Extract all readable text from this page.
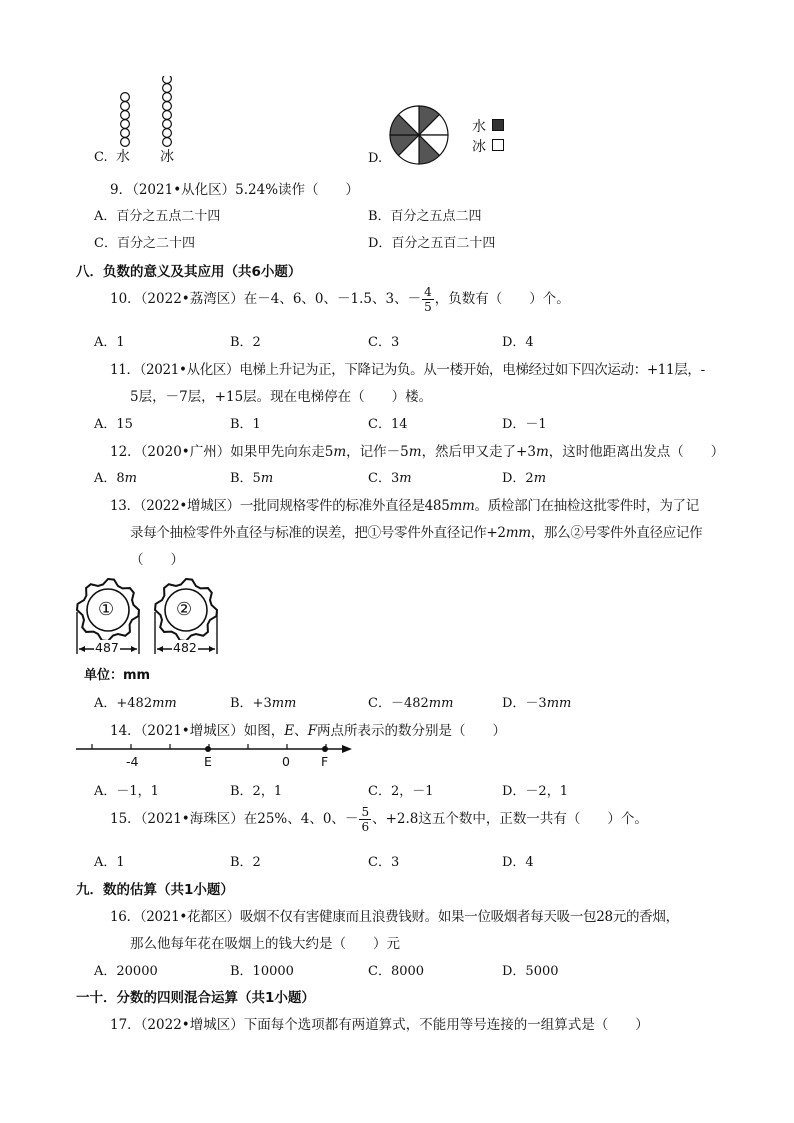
C. 水 冰	D.
水
冰
9．（2021•从化区）5.24%读作（　　）
A．百分之五点二十四	B．百分之五点二四
C．百分之二十四	D．百分之五百二十四
八．负数的意义及其应用（共6小题）
10．（2022•荔湾区）在－4、6、0、－1.5、3、－ $\frac{4}{5}$ ，负数有（　　）个。
A．1	B．2	C．3	D．4
11．（2021•从化区）电梯上升记为正，下降记为负。从一楼开始，电梯经过如下四次运动：+11层，-
5层，－7层，+15层。现在电梯停在（　　）楼。
A．15	B．1	C．14	D．－1
12．（2020•广州）如果甲先向东走5m，记作－5m，然后甲又走了+3m，这时他距离出发点（　　）
A．8m	B．5m	C．3m	D．2m
13．（2022•增城区）一批同规格零件的标准外直径是485mm。质检部门在抽检这批零件时，为了记
录每个抽检零件外直径与标准的误差，把①号零件外直径记作+2mm，那么②号零件外直径应记作
（　　）
①	②
487	482
单位：mm
A．+482mm	B．+3mm	C．－482mm	D．－3mm
14．（2021•增城区）如图，E、F两点所表示的数分别是（　　）
-4	E	0 F
A．－1，1	B．2，1	C．2，－1	D．－2，1
15．（2021•海珠区）在25%、4、0、－ $\frac{5}{6}$ 、+2.8这五个数中，正数一共有（　　）个。
A．1	B．2	C．3	D．4
九．数的估算（共1小题）
16．（2021•花都区）吸烟不仅有害健康而且浪费钱财。如果一位吸烟者每天吸一包28元的香烟，
那么他每年花在吸烟上的钱大约是（　　）元
A．20000	B．10000	C．8000	D．5000
一十．分数的四则混合运算（共1小题）
17．（2022•增城区）下面每个选项都有两道算式，不能用等号连接的一组算式是（　　）
